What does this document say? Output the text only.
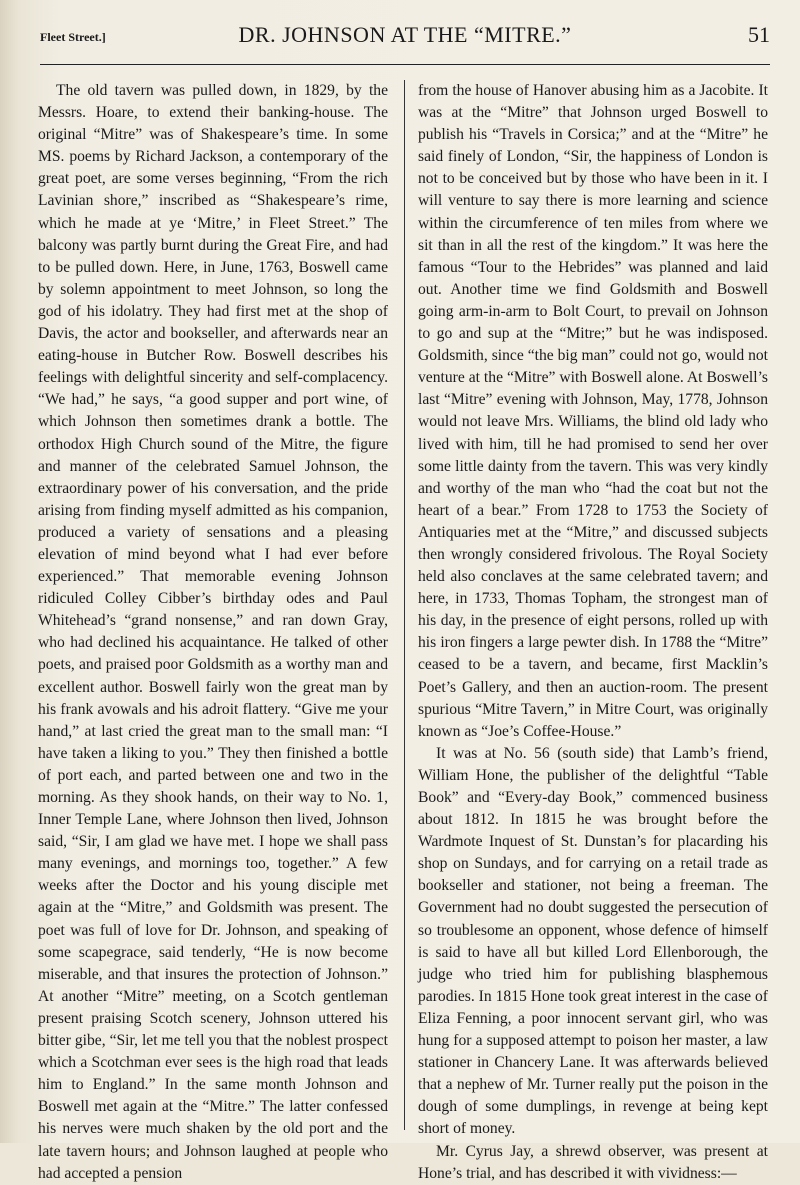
Fleet Street.]	DR. JOHNSON AT THE “MITRE.”	51

The old tavern was pulled down, in 1829, by the Messrs. Hoare, to extend their banking-house. The original “Mitre” was of Shakespeare’s time. In some MS. poems by Richard Jackson, a contemporary of the great poet, are some verses beginning, “From the rich Lavinian shore,” inscribed as “Shakespeare’s rime, which he made at ye ‘Mitre,’ in Fleet Street.” The balcony was partly burnt during the Great Fire, and had to be pulled down. Here, in June, 1763, Boswell came by solemn appointment to meet Johnson, so long the god of his idolatry. They had first met at the shop of Davis, the actor and bookseller, and afterwards near an eating-house in Butcher Row. Boswell describes his feelings with delightful sincerity and self-complacency. “We had,” he says, “a good supper and port wine, of which Johnson then sometimes drank a bottle. The orthodox High Church sound of the Mitre, the figure and manner of the celebrated Samuel Johnson, the extraordinary power of his conversation, and the pride arising from finding myself admitted as his companion, produced a variety of sensations and a pleasing elevation of mind beyond what I had ever before experienced.” That memorable evening Johnson ridiculed Colley Cibber’s birthday odes and Paul Whitehead’s “grand nonsense,” and ran down Gray, who had declined his acquaintance. He talked of other poets, and praised poor Goldsmith as a worthy man and excellent author. Boswell fairly won the great man by his frank avowals and his adroit flattery. “Give me your hand,” at last cried the great man to the small man: “I have taken a liking to you.” They then finished a bottle of port each, and parted between one and two in the morning. As they shook hands, on their way to No. 1, Inner Temple Lane, where Johnson then lived, Johnson said, “Sir, I am glad we have met. I hope we shall pass many evenings, and mornings too, together.” A few weeks after the Doctor and his young disciple met again at the “Mitre,” and Goldsmith was present. The poet was full of love for Dr. Johnson, and speaking of some scapegrace, said tenderly, “He is now become miserable, and that insures the protection of Johnson.” At another “Mitre” meeting, on a Scotch gentleman present praising Scotch scenery, Johnson uttered his bitter gibe, “Sir, let me tell you that the noblest prospect which a Scotchman ever sees is the high road that leads him to England.” In the same month Johnson and Boswell met again at the “Mitre.” The latter confessed his nerves were much shaken by the old port and the late tavern hours; and Johnson laughed at people who had accepted a pension

from the house of Hanover abusing him as a Jacobite. It was at the “Mitre” that Johnson urged Boswell to publish his “Travels in Corsica;” and at the “Mitre” he said finely of London, “Sir, the happiness of London is not to be conceived but by those who have been in it. I will venture to say there is more learning and science within the circumference of ten miles from where we sit than in all the rest of the kingdom.” It was here the famous “Tour to the Hebrides” was planned and laid out. Another time we find Goldsmith and Boswell going arm-in-arm to Bolt Court, to prevail on Johnson to go and sup at the “Mitre;” but he was indisposed. Goldsmith, since “the big man” could not go, would not venture at the “Mitre” with Boswell alone. At Boswell’s last “Mitre” evening with Johnson, May, 1778, Johnson would not leave Mrs. Williams, the blind old lady who lived with him, till he had promised to send her over some little dainty from the tavern. This was very kindly and worthy of the man who “had the coat but not the heart of a bear.” From 1728 to 1753 the Society of Antiquaries met at the “Mitre,” and discussed subjects then wrongly considered frivolous. The Royal Society held also conclaves at the same celebrated tavern; and here, in 1733, Thomas Topham, the strongest man of his day, in the presence of eight persons, rolled up with his iron fingers a large pewter dish. In 1788 the “Mitre” ceased to be a tavern, and became, first Macklin’s Poet’s Gallery, and then an auction-room. The present spurious “Mitre Tavern,” in Mitre Court, was originally known as “Joe’s Coffee-House.”

It was at No. 56 (south side) that Lamb’s friend, William Hone, the publisher of the delightful “Table Book” and “Every-day Book,” commenced business about 1812. In 1815 he was brought before the Wardmote Inquest of St. Dunstan’s for placarding his shop on Sundays, and for carrying on a retail trade as bookseller and stationer, not being a freeman. The Government had no doubt suggested the persecution of so troublesome an opponent, whose defence of himself is said to have all but killed Lord Ellenborough, the judge who tried him for publishing blasphemous parodies. In 1815 Hone took great interest in the case of Eliza Fenning, a poor innocent servant girl, who was hung for a supposed attempt to poison her master, a law stationer in Chancery Lane. It was afterwards believed that a nephew of Mr. Turner really put the poison in the dough of some dumplings, in revenge at being kept short of money.

Mr. Cyrus Jay, a shrewd observer, was present at Hone’s trial, and has described it with vividness:—
